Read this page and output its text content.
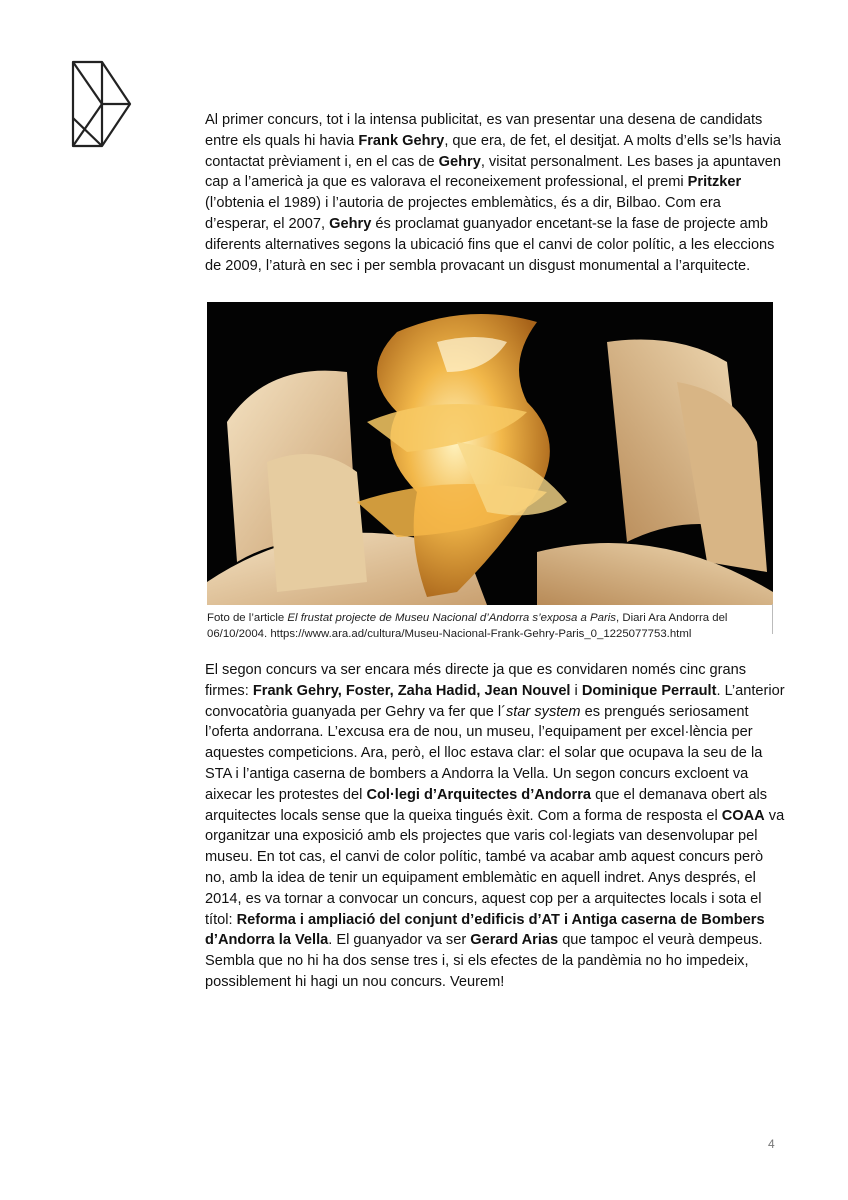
Al primer concurs, tot i la intensa publicitat, es van presentar una desena de candidats entre els quals hi havia Frank Gehry, que era, de fet, el desitjat. A molts d’ells se’ls havia contactat prèviament i, en el cas de Gehry, visitat personalment. Les bases ja apuntaven cap a l’americà ja que es valorava el reconeixement professional, el premi Pritzker (l’obtenia el 1989) i l’autoria de projectes emblemàtics, és a dir, Bilbao. Com era d’esperar, el 2007, Gehry és proclamat guanyador encetant-se la fase de projecte amb diferents alternatives segons la ubicació fins que el canvi de color polític, a les eleccions de 2009, l’aturà en sec i per sembla provacant un disgust monumental a l’arquitecte.

Foto de l’article El frustat projecte de Museu Nacional d’Andorra s’exposa a Paris, Diari Ara Andorra del 06/10/2004. https://www.ara.ad/cultura/Museu-Nacional-Frank-Gehry-Paris_0_1225077753.html

El segon concurs va ser encara més directe ja que es convidaren només cinc grans firmes: Frank Gehry, Foster, Zaha Hadid, Jean Nouvel i Dominique Perrault. L’anterior convocatòria guanyada per Gehry va fer que l´star system es prengués seriosament l’oferta andorrana. L’excusa era de nou, un museu, l’equipament per excel·lència per aquestes competicions. Ara, però, el lloc estava clar: el solar que ocupava la seu de la STA i l’antiga caserna de bombers a Andorra la Vella. Un segon concurs excloent va aixecar les protestes del Col·legi d’Arquitectes d’Andorra que el demanava obert als arquitectes locals sense que la queixa tingués èxit. Com a forma de resposta el COAA va organitzar una exposició amb els projectes que varis col·legiats van desenvolupar pel museu. En tot cas, el canvi de color polític, també va acabar amb aquest concurs però no, amb la idea de tenir un equipament emblemàtic en aquell indret. Anys després, el 2014, es va tornar a convocar un concurs, aquest cop per a arquitectes locals i sota el títol: Reforma i ampliació del conjunt d’edificis d’AT i Antiga caserna de Bombers d’Andorra la Vella. El guanyador va ser Gerard Arias que tampoc el veurà dempeus. Sembla que no hi ha dos sense tres i, si els efectes de la pandèmia no ho impedeix, possiblement hi hagi un nou concurs. Veurem!

4
